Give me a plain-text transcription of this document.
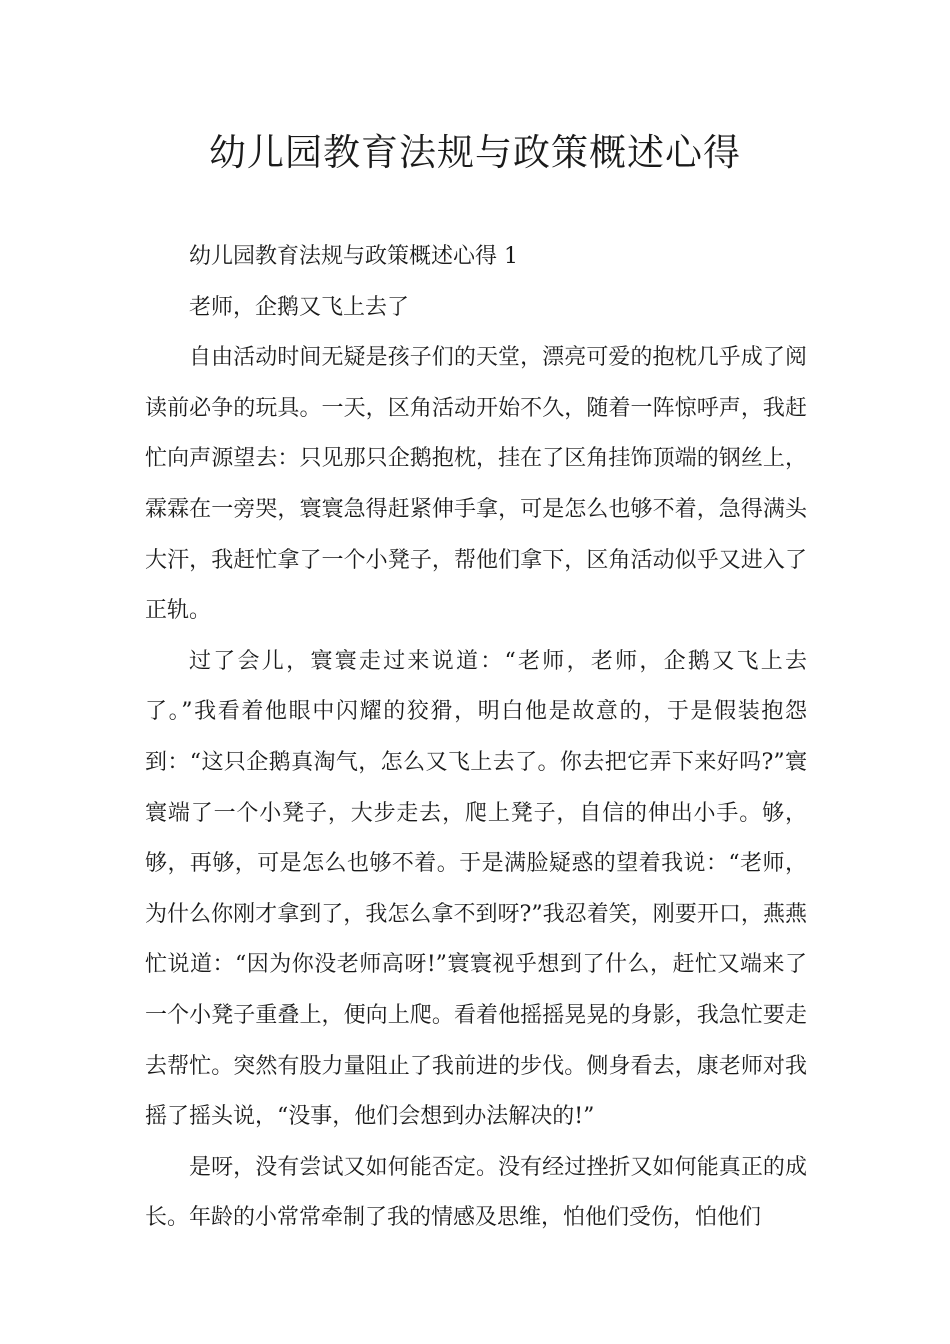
幼儿园教育法规与政策概述心得

幼儿园教育法规与政策概述心得 1

老师，企鹅又飞上去了

自由活动时间无疑是孩子们的天堂，漂亮可爱的抱枕几乎成了阅读前必争的玩具。一天，区角活动开始不久，随着一阵惊呼声，我赶忙向声源望去：只见那只企鹅抱枕，挂在了区角挂饰顶端的钢丝上，霖霖在一旁哭，寰寰急得赶紧伸手拿，可是怎么也够不着，急得满头大汗，我赶忙拿了一个小凳子，帮他们拿下，区角活动似乎又进入了正轨。

过了会儿，寰寰走过来说道：“老师，老师，企鹅又飞上去了。”我看着他眼中闪耀的狡猾，明白他是故意的，于是假装抱怨到：“这只企鹅真淘气，怎么又飞上去了。你去把它弄下来好吗?”寰寰端了一个小凳子，大步走去，爬上凳子，自信的伸出小手。够，够，再够，可是怎么也够不着。于是满脸疑惑的望着我说：“老师，为什么你刚才拿到了，我怎么拿不到呀?”我忍着笑，刚要开口，燕燕忙说道：“因为你没老师高呀!”寰寰视乎想到了什么，赶忙又端来了一个小凳子重叠上，便向上爬。看着他摇摇晃晃的身影，我急忙要走去帮忙。突然有股力量阻止了我前进的步伐。侧身看去，康老师对我摇了摇头说，“没事，他们会想到办法解决的!”

是呀，没有尝试又如何能否定。没有经过挫折又如何能真正的成长。年龄的小常常牵制了我的情感及思维，怕他们受伤，怕他们
